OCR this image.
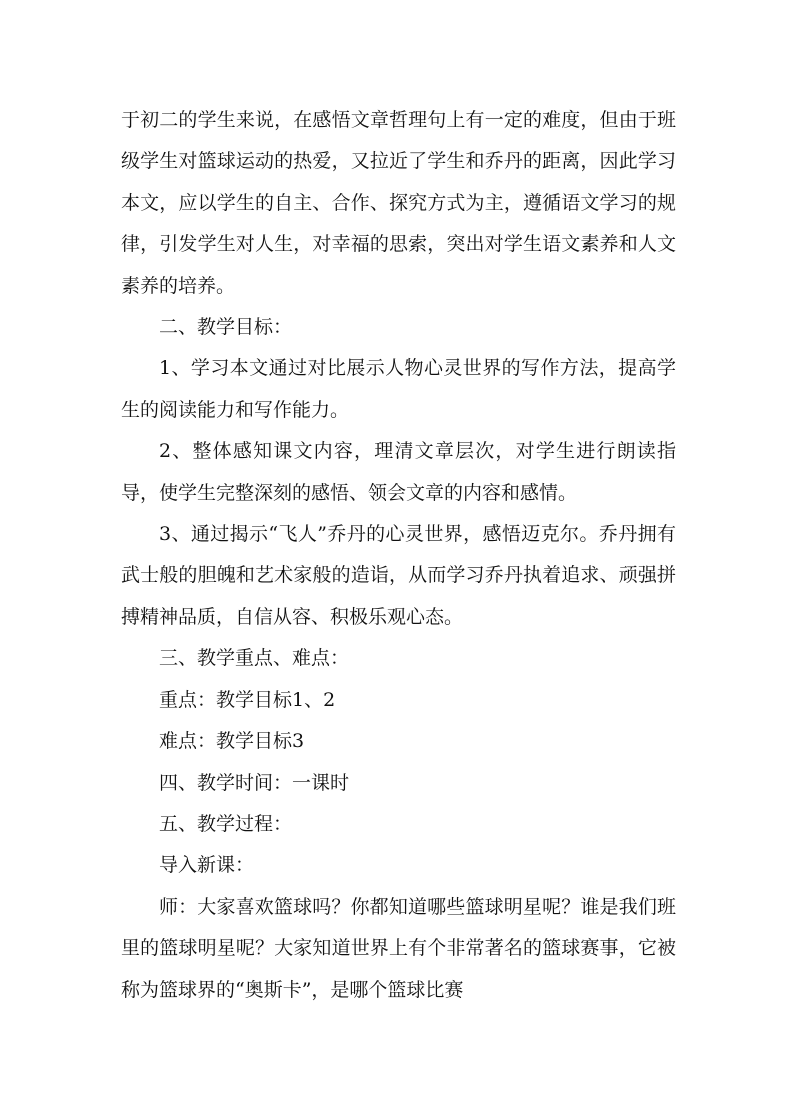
于初二的学生来说，在感悟文章哲理句上有一定的难度，但由于班级学生对篮球运动的热爱，又拉近了学生和乔丹的距离，因此学习本文，应以学生的自主、合作、探究方式为主，遵循语文学习的规律，引发学生对人生，对幸福的思索，突出对学生语文素养和人文素养的培养。

二、教学目标：

1、学习本文通过对比展示人物心灵世界的写作方法，提高学生的阅读能力和写作能力。

2、整体感知课文内容，理清文章层次，对学生进行朗读指导，使学生完整深刻的感悟、领会文章的内容和感情。

3、通过揭示“飞人”乔丹的心灵世界，感悟迈克尔。乔丹拥有武士般的胆魄和艺术家般的造诣，从而学习乔丹执着追求、顽强拼搏精神品质，自信从容、积极乐观心态。

三、教学重点、难点：

重点：教学目标1、2

难点：教学目标3

四、教学时间：一课时

五、教学过程：

导入新课：

师：大家喜欢篮球吗？你都知道哪些篮球明星呢？谁是我们班里的篮球明星呢？大家知道世界上有个非常著名的篮球赛事，它被称为篮球界的“奥斯卡”，是哪个篮球比赛
